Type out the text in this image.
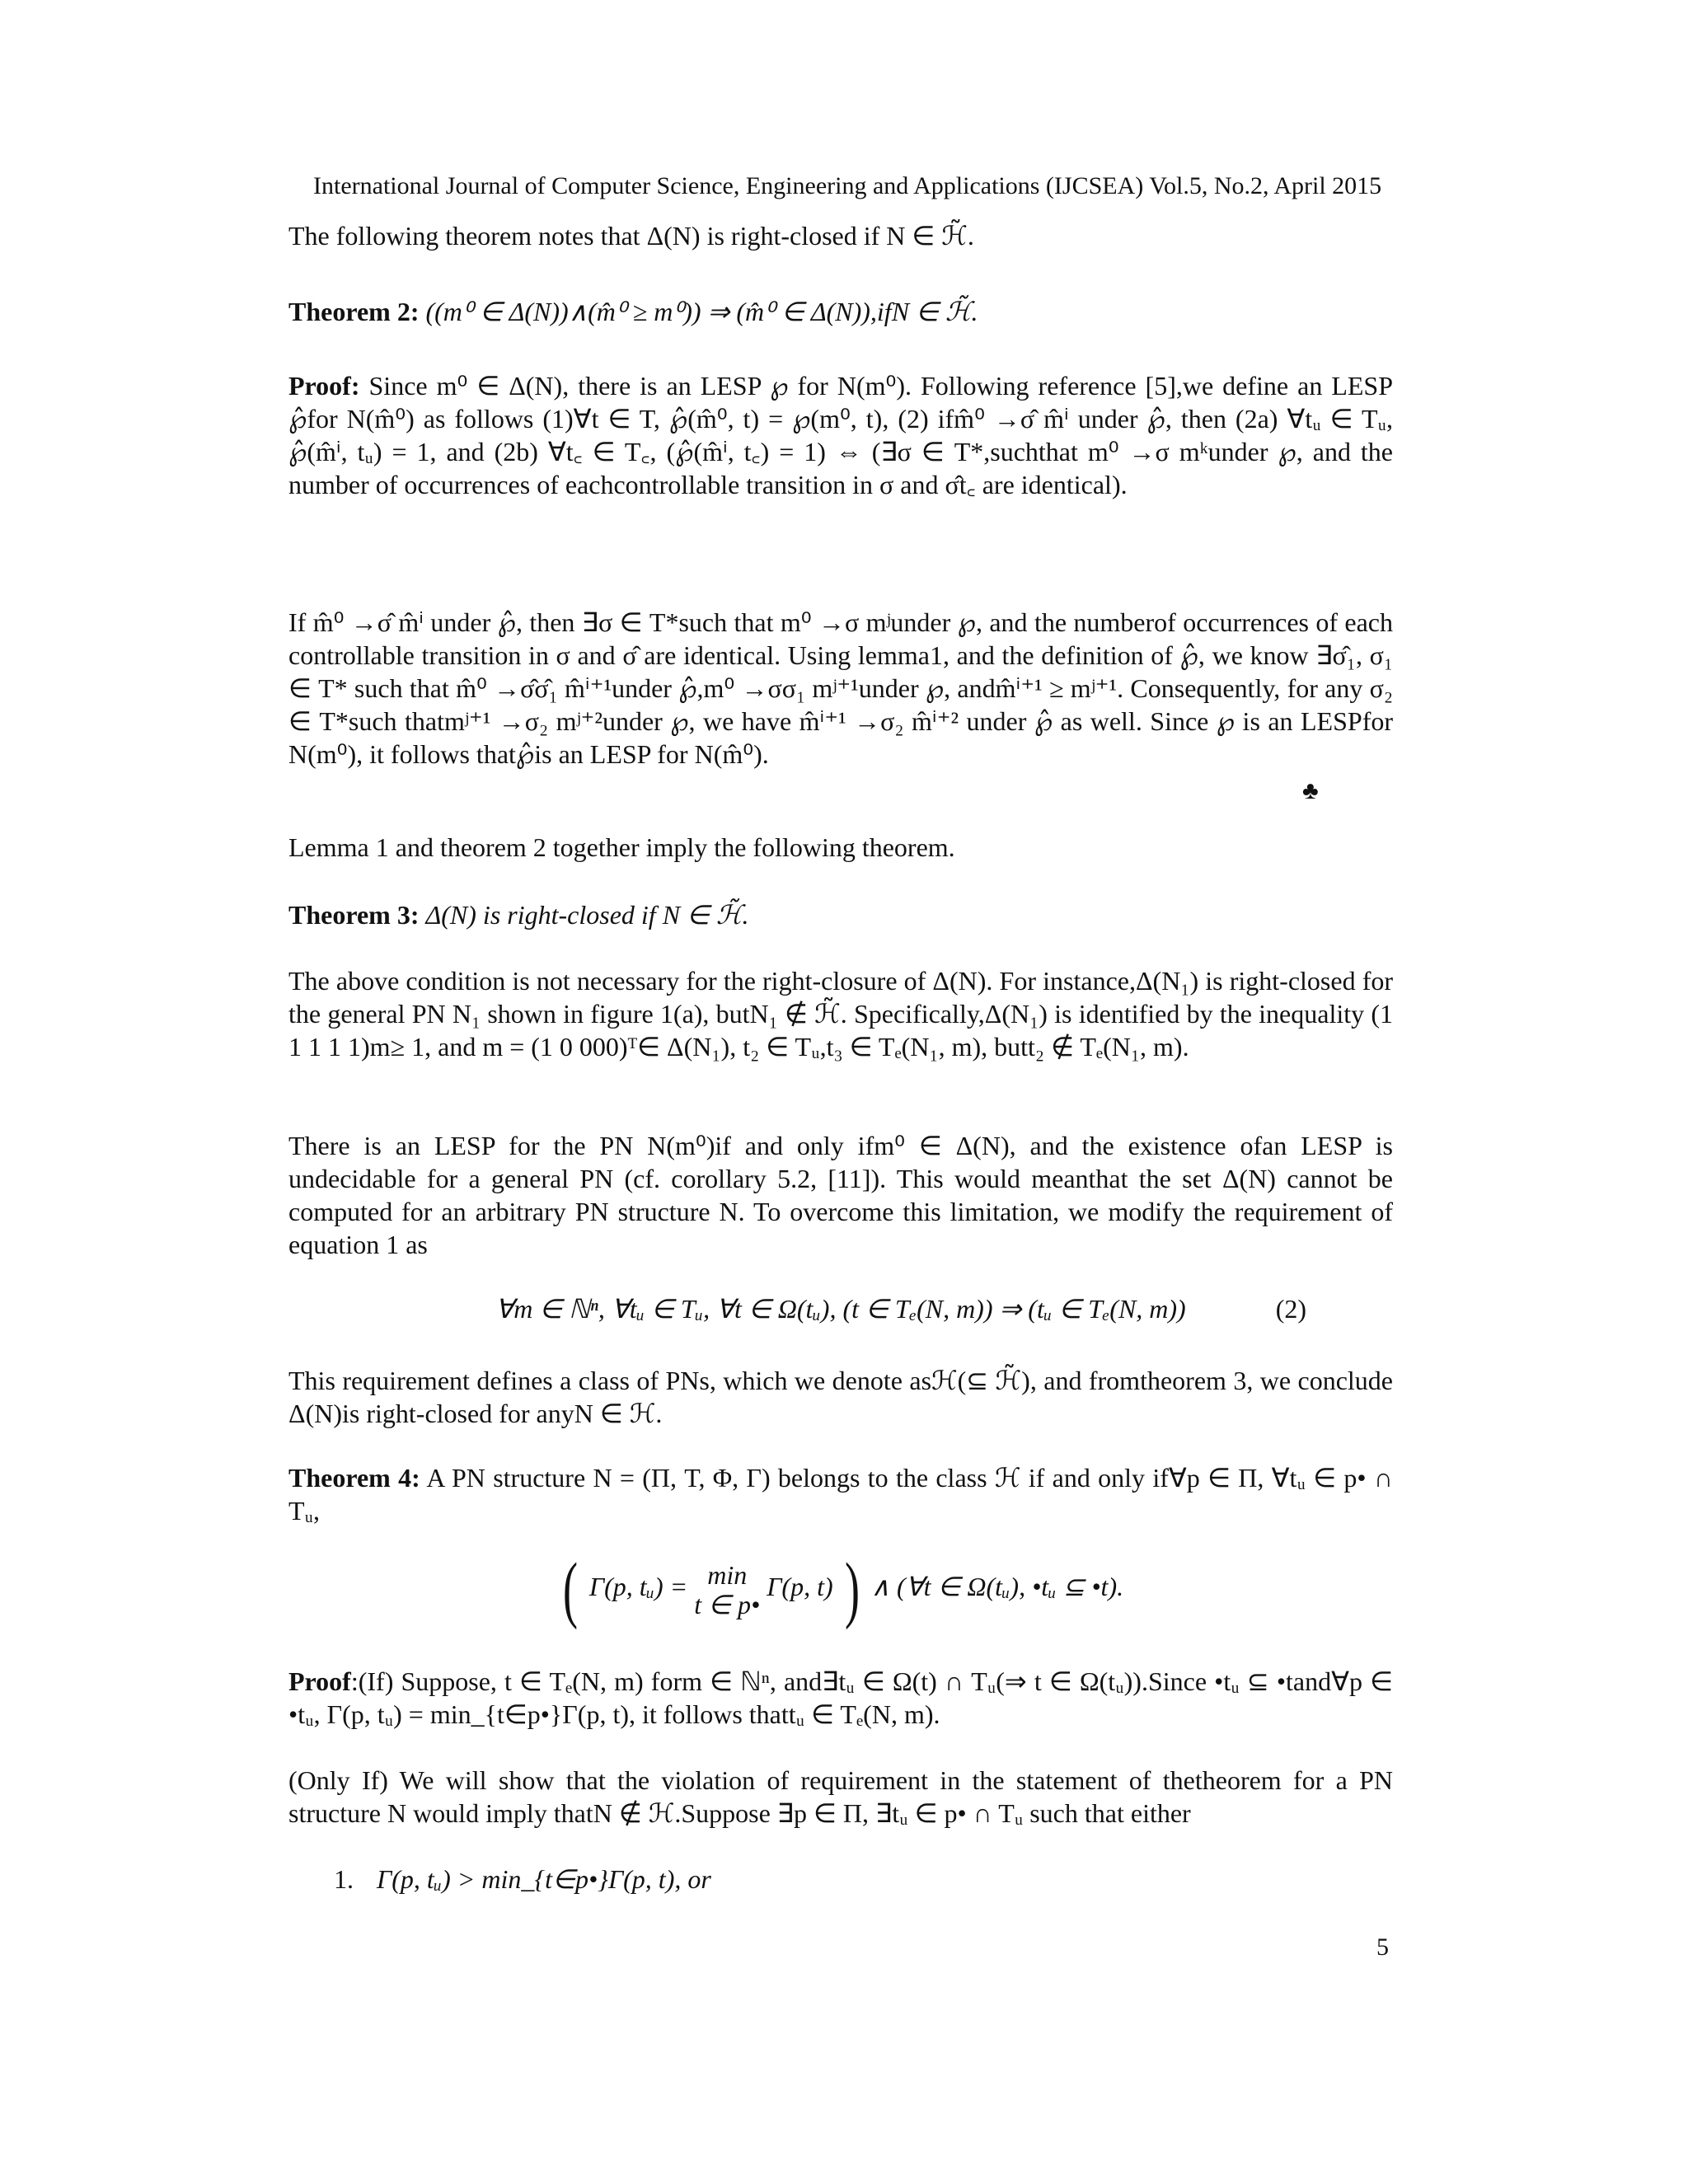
International Journal of Computer Science, Engineering and Applications (IJCSEA) Vol.5, No.2, April 2015
The following theorem notes that Δ(N) is right-closed if N ∈ ℋ̃.
Theorem 2: ((m⁰ ∈ Δ(N))∧(m̂⁰ ≥ m⁰)) ⇒ (m̂⁰ ∈ Δ(N)),ifN ∈ ℋ̃.
Proof: Since m⁰ ∈ Δ(N), there is an LESP ℘ for N(m⁰). Following reference [5],we define an LESP ℘̂for N(m̂⁰) as follows (1)∀t ∈ T, ℘̂(m̂⁰, t) = ℘(m⁰, t), (2) ifm̂⁰ →σ̂ m̂ⁱ under ℘̂, then (2a) ∀tᵤ ∈ Tᵤ, ℘̂(m̂ⁱ, tᵤ) = 1, and (2b) ∀t꜀ ∈ T꜀, (℘̂(m̂ⁱ, t꜀) = 1) ⇔ (∃σ ∈ T*,suchthat m⁰ →σ mᵏunder ℘, and the number of occurrences of eachcontrollable transition in σ and σ̂t꜀ are identical).
If m̂⁰ →σ̂ m̂ⁱ under ℘̂, then ∃σ ∈ T*such that m⁰ →σ mʲunder ℘, and the numberof occurrences of each controllable transition in σ and σ̂ are identical. Using lemma1, and the definition of ℘̂, we know ∃σ̂₁, σ₁ ∈ T* such that m̂⁰ →σ̂σ̂₁ m̂ⁱ⁺¹under ℘̂,m⁰ →σσ₁ mʲ⁺¹under ℘, andm̂ⁱ⁺¹ ≥ mʲ⁺¹. Consequently, for any σ₂ ∈ T*such thatmʲ⁺¹ →σ₂ mʲ⁺²under ℘, we have m̂ⁱ⁺¹ →σ₂ m̂ⁱ⁺² under ℘̂ as well. Since ℘ is an LESPfor N(m⁰), it follows that℘̂is an LESP for N(m̂⁰).
♣
Lemma 1 and theorem 2 together imply the following theorem.
Theorem 3: Δ(N) is right-closed if N ∈ ℋ̃.
The above condition is not necessary for the right-closure of Δ(N). For instance,Δ(N₁) is right-closed for the general PN N₁ shown in figure 1(a), butN₁ ∉ ℋ̃. Specifically,Δ(N₁) is identified by the inequality (1 1 1 1 1)m≥ 1, and m = (1 0 000)ᵀ∈ Δ(N₁), t₂ ∈ Tᵤ,t₃ ∈ Tₑ(N₁, m), butt₂ ∉ Tₑ(N₁, m).
There is an LESP for the PN N(m⁰)if and only ifm⁰ ∈ Δ(N), and the existence ofan LESP is undecidable for a general PN (cf. corollary 5.2, [11]). This would meanthat the set Δ(N) cannot be computed for an arbitrary PN structure N. To overcome this limitation, we modify the requirement of equation 1 as
∀m ∈ ℕⁿ, ∀tᵤ ∈ Tᵤ, ∀t ∈ Ω(tᵤ), (t ∈ Tₑ(N, m)) ⇒ (tᵤ ∈ Tₑ(N, m))	(2)
This requirement defines a class of PNs, which we denote asℋ(⊆ ℋ̃), and fromtheorem 3, we conclude Δ(N)is right-closed for anyN ∈ ℋ.
Theorem 4: A PN structure N = (Π, T, Φ, Γ) belongs to the class ℋ if and only if∀p ∈ Π, ∀tᵤ ∈ p• ∩ Tᵤ,
( Γ(p, tᵤ) = min
t ∈ p• Γ(p, t) ) ∧ (∀t ∈ Ω(tᵤ), •tᵤ ⊆ •t).
Proof:(If) Suppose, t ∈ Tₑ(N, m) form ∈ ℕⁿ, and∃tᵤ ∈ Ω(t) ∩ Tᵤ(⇒ t ∈ Ω(tᵤ)).Since •tᵤ ⊆ •tand∀p ∈ •tᵤ, Γ(p, tᵤ) = min_{t∈p•}Γ(p, t), it follows thattᵤ ∈ Tₑ(N, m).
(Only If) We will show that the violation of requirement in the statement of thetheorem for a PN structure N would imply thatN ∉ ℋ.Suppose ∃p ∈ Π, ∃tᵤ ∈ p• ∩ Tᵤ such that either
1. Γ(p, tᵤ) > min_{t∈p•}Γ(p, t), or
5
